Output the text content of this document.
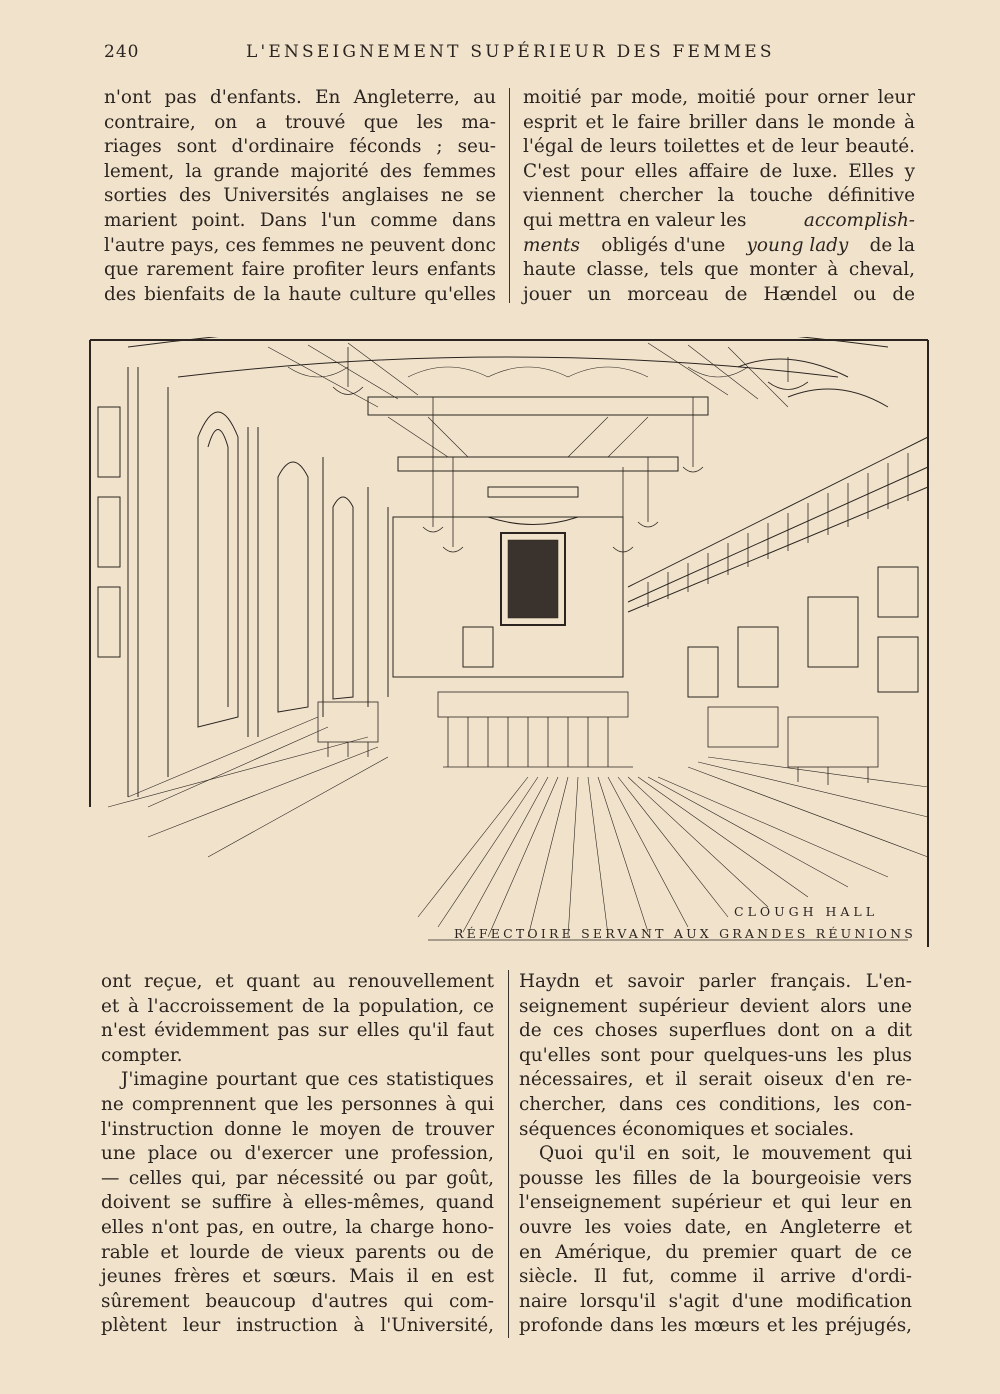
240	L'ENSEIGNEMENT SUPÉRIEUR DES FEMMES
n'ont pas d'enfants. En Angleterre, au
contraire, on a trouvé que les ma-
riages sont d'ordinaire féconds ; seu-
lement, la grande majorité des femmes
sorties des Universités anglaises ne se
marient point. Dans l'un comme dans
l'autre pays, ces femmes ne peuvent donc
que rarement faire profiter leurs enfants
des bienfaits de la haute culture qu'elles
moitié par mode, moitié pour orner leur
esprit et le faire briller dans le monde à
l'égal de leurs toilettes et de leur beauté.
C'est pour elles affaire de luxe. Elles y
viennent chercher la touche définitive
qui mettra en valeur les	accomplish-
ments obligés d'une young lady de la
haute classe, tels que monter à cheval,
jouer un morceau de Hændel ou de
CLOUGH HALL
RÉFECTOIRE SERVANT AUX GRANDES RÉUNIONS
ont reçue, et quant au renouvellement
et à l'accroissement de la population, ce
n'est évidemment pas sur elles qu'il faut
compter.
J'imagine pourtant que ces statistiques
ne comprennent que les personnes à qui
l'instruction donne le moyen de trouver
une place ou d'exercer une profession,
— celles qui, par nécessité ou par goût,
doivent se suffire à elles-mêmes, quand
elles n'ont pas, en outre, la charge hono-
rable et lourde de vieux parents ou de
jeunes frères et sœurs. Mais il en est
sûrement beaucoup d'autres qui com-
plètent leur instruction à l'Université,
Haydn et savoir parler français. L'en-
seignement supérieur devient alors une
de ces choses superflues dont on a dit
qu'elles sont pour quelques-uns les plus
nécessaires, et il serait oiseux d'en re-
chercher, dans ces conditions, les con-
séquences économiques et sociales.
Quoi qu'il en soit, le mouvement qui
pousse les filles de la bourgeoisie vers
l'enseignement supérieur et qui leur en
ouvre les voies date, en Angleterre et
en Amérique, du premier quart de ce
siècle. Il fut, comme il arrive d'ordi-
naire lorsqu'il s'agit d'une modification
profonde dans les mœurs et les préjugés,
